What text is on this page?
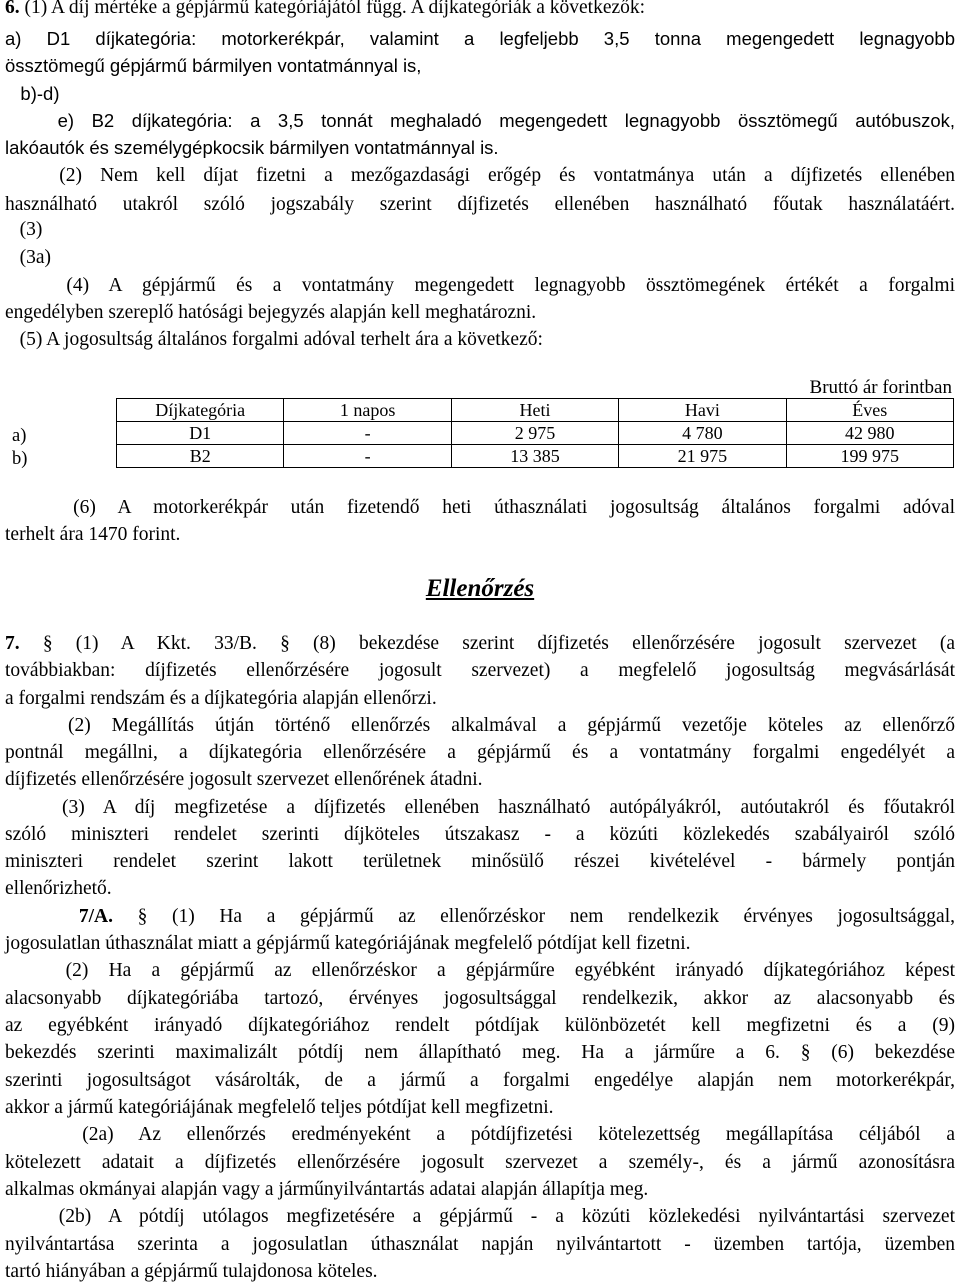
6. (1) A díj mértéke a gépjármű kategóriájától függ. A díjkategóriák a következők:
a) D1 díjkategória: motorkerékpár, valamint a legfeljebb 3,5 tonna megengedett legnagyobb
össztömegű gépjármű bármilyen vontatmánnyal is,
b)-d)
e) B2 díjkategória: a 3,5 tonnát meghaladó megengedett legnagyobb össztömegű autóbuszok,
lakóautók és személygépkocsik bármilyen vontatmánnyal is.
(2) Nem kell díjat fizetni a mezőgazdasági erőgép és vontatmánya után a díjfizetés ellenében
használható utakról szóló jogszabály szerint díjfizetés ellenében használható főutak használatáért.
(3)
(3a)
(4) A gépjármű és a vontatmány megengedett legnagyobb össztömegének értékét a forgalmi
engedélyben szereplő hatósági bejegyzés alapján kell meghatározni.
(5) A jogosultság általános forgalmi adóval terhelt ára a következő:
Bruttó ár forintban
a)
b)
Díjkategória	1 napos	Heti	Havi	Éves
D1	-	2 975	4 780	42 980
B2	-	13 385	21 975	199 975
(6) A motorkerékpár után fizetendő heti úthasználati jogosultság általános forgalmi adóval
terhelt ára 1470 forint.
Ellenőrzés
7. § (1) A Kkt. 33/B. § (8) bekezdése szerint díjfizetés ellenőrzésére jogosult szervezet (a
továbbiakban: díjfizetés ellenőrzésére jogosult szervezet) a megfelelő jogosultság megvásárlását
a forgalmi rendszám és a díjkategória alapján ellenőrzi.
(2) Megállítás útján történő ellenőrzés alkalmával a gépjármű vezetője köteles az ellenőrző
pontnál megállni, a díjkategória ellenőrzésére a gépjármű és a vontatmány forgalmi engedélyét a
díjfizetés ellenőrzésére jogosult szervezet ellenőrének átadni.
(3) A díj megfizetése a díjfizetés ellenében használható autópályákról, autóutakról és főutakról
szóló miniszteri rendelet szerinti díjköteles útszakasz - a közúti közlekedés szabályairól szóló
miniszteri rendelet szerint lakott területnek minősülő részei kivételével - bármely pontján
ellenőrizhető.
7/A. § (1) Ha a gépjármű az ellenőrzéskor nem rendelkezik érvényes jogosultsággal,
jogosulatlan úthasználat miatt a gépjármű kategóriájának megfelelő pótdíjat kell fizetni.
(2) Ha a gépjármű az ellenőrzéskor a gépjárműre egyébként irányadó díjkategóriához képest
alacsonyabb díjkategóriába tartozó, érvényes jogosultsággal rendelkezik, akkor az alacsonyabb és
az egyébként irányadó díjkategóriához rendelt pótdíjak különbözetét kell megfizetni és a (9)
bekezdés szerinti maximalizált pótdíj nem állapítható meg. Ha a járműre a 6. § (6) bekezdése
szerinti jogosultságot vásárolták, de a jármű a forgalmi engedélye alapján nem motorkerékpár,
akkor a jármű kategóriájának megfelelő teljes pótdíjat kell megfizetni.
(2a) Az ellenőrzés eredményeként a pótdíjfizetési kötelezettség megállapítása céljából a
kötelezett adatait a díjfizetés ellenőrzésére jogosult szervezet a személy-, és a jármű azonosításra
alkalmas okmányai alapján vagy a járműnyilvántartás adatai alapján állapítja meg.
(2b) A pótdíj utólagos megfizetésére a gépjármű - a közúti közlekedési nyilvántartási szervezet
nyilvántartása szerinta a jogosulatlan úthasználat napján nyilvántartott - üzemben tartója, üzemben
tartó hiányában a gépjármű tulajdonosa köteles.
